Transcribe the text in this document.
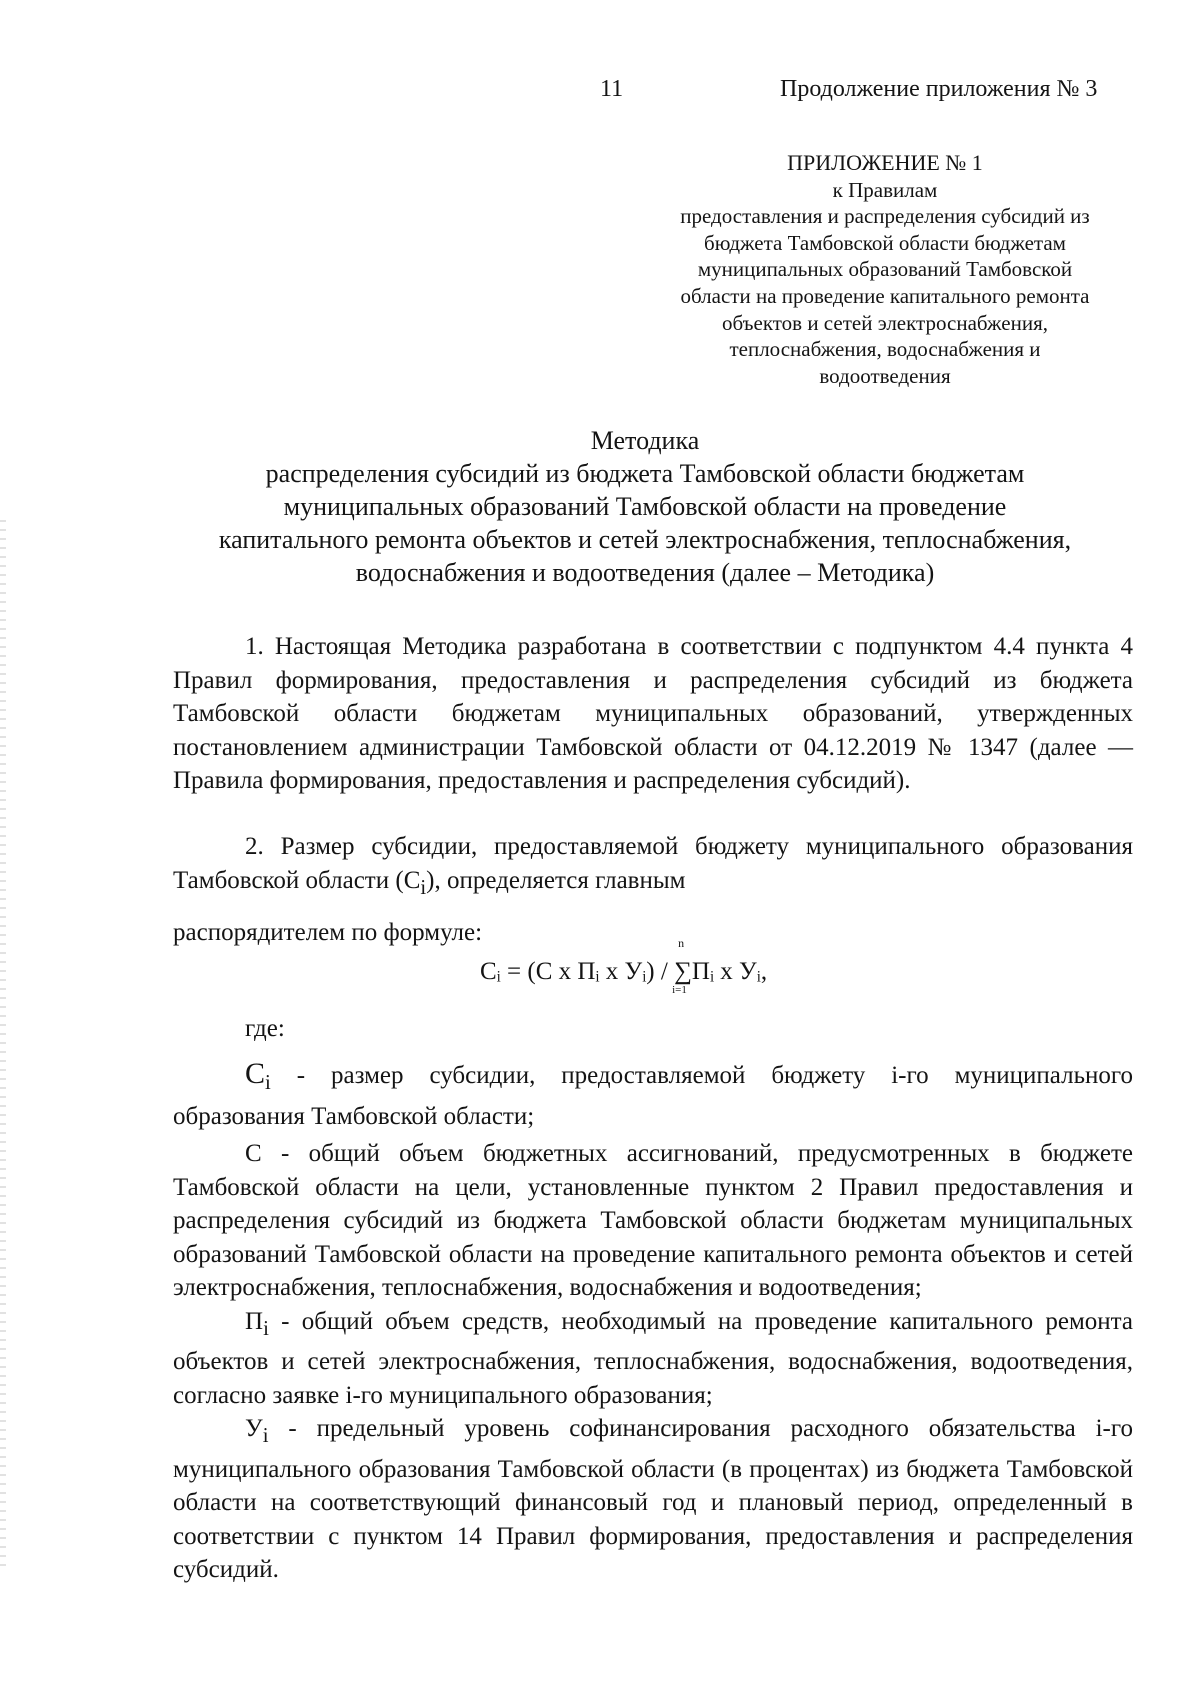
11	Продолжение приложения № 3
ПРИЛОЖЕНИЕ № 1
к Правилам
предоставления и распределения субсидий из
бюджета Тамбовской области бюджетам
муниципальных образований Тамбовской
области на проведение капитального ремонта
объектов и сетей электроснабжения,
теплоснабжения, водоснабжения и
водоотведения
Методика
распределения субсидий из бюджета Тамбовской области бюджетам
муниципальных образований Тамбовской области на проведение
капитального ремонта объектов и сетей электроснабжения, теплоснабжения,
водоснабжения и водоотведения (далее – Методика)

1. Настоящая Методика разработана в соответствии с подпунктом 4.4 пункта 4 Правил формирования, предоставления и распределения субсидий из бюджета Тамбовской области бюджетам муниципальных образований, утвержденных постановлением администрации Тамбовской области от 04.12.2019 № 1347 (далее — Правила формирования, предоставления и распределения субсидий).

2. Размер субсидии, предоставляемой бюджету муниципального образования Тамбовской области $(С_i)$, определяется главным

распорядителем по формуле:

Сᵢ = (С х Пᵢ х Уᵢ) /
n
∑
i=1
Пᵢ х Уᵢ,
где:

$С_i$ - размер субсидии, предоставляемой бюджету i-го муниципального образования Тамбовской области;

С - общий объем бюджетных ассигнований, предусмотренных в бюджете Тамбовской области на цели, установленные пунктом 2 Правил предоставления и распределения субсидий из бюджета Тамбовской области бюджетам муниципальных образований Тамбовской области на проведение капитального ремонта объектов и сетей электроснабжения, теплоснабжения, водоснабжения и водоотведения;

$П_i$ - общий объем средств, необходимый на проведение капитального ремонта объектов и сетей электроснабжения, теплоснабжения, водоснабжения, водоотведения, согласно заявке i-го муниципального образования;

$У_i$ - предельный уровень софинансирования расходного обязательства i-го муниципального образования Тамбовской области (в процентах) из бюджета Тамбовской области на соответствующий финансовый год и плановый период, определенный в соответствии с пунктом 14 Правил формирования, предоставления и распределения субсидий.
